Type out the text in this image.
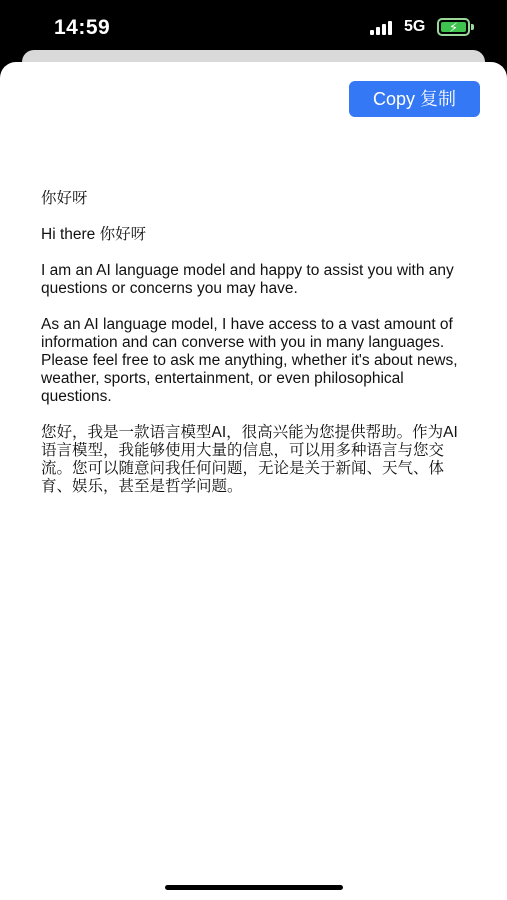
14:59	5G ⚡
Copy 复制

你好呀

Hi there 你好呀

I am an AI language model and happy to assist you with any questions or concerns you may have.

As an AI language model, I have access to a vast amount of information and can converse with you in many languages. Please feel free to ask me anything, whether it's about news, weather, sports, entertainment, or even philosophical questions.

您好，我是一款语言模型AI，很高兴能为您提供帮助。作为AI语言模型，我能够使用大量的信息，可以用多种语言与您交流。您可以随意问我任何问题，无论是关于新闻、天气、体育、娱乐，甚至是哲学问题。
